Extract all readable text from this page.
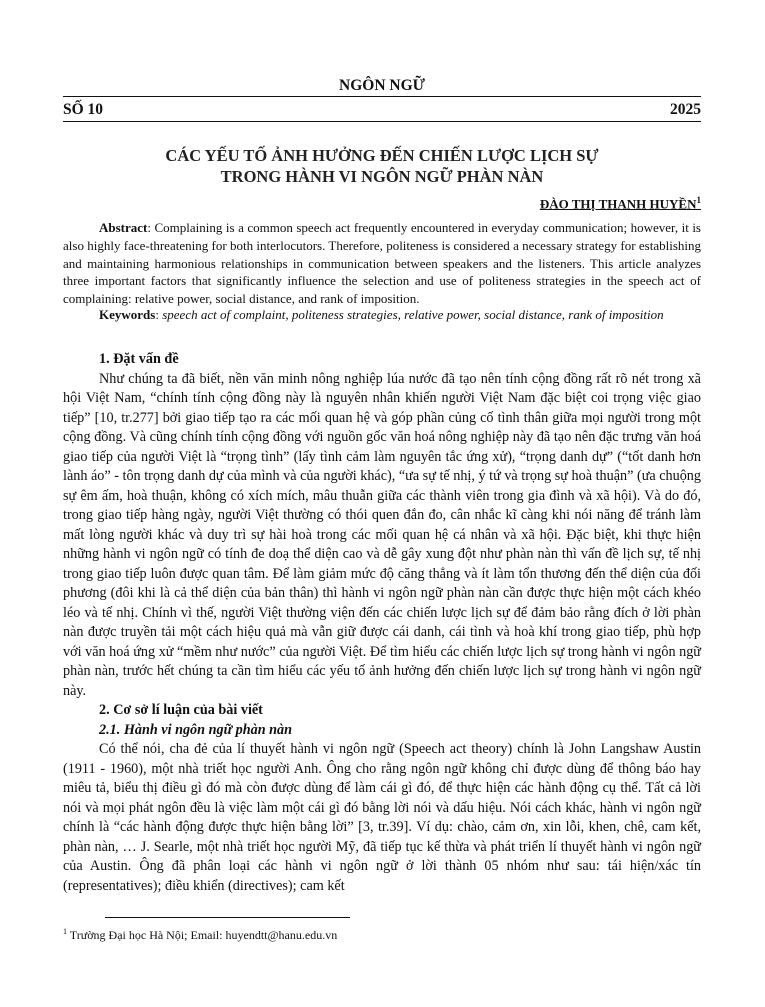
NGÔN NGỮ
SỐ 10	2025
CÁC YẾU TỐ ẢNH HƯỞNG ĐẾN CHIẾN LƯỢC LỊCH SỰ
TRONG HÀNH VI NGÔN NGỮ PHÀN NÀN
ĐÀO THỊ THANH HUYỀN$^1$
Abstract: Complaining is a common speech act frequently encountered in everyday communication; however, it is also highly face-threatening for both interlocutors. Therefore, politeness is considered a necessary strategy for establishing and maintaining harmonious relationships in communication between speakers and the listeners. This article analyzes three important factors that significantly influence the selection and use of politeness strategies in the speech act of complaining: relative power, social distance, and rank of imposition.
Keywords: speech act of complaint, politeness strategies, relative power, social distance, rank of imposition

1. Đặt vấn đề

Như chúng ta đã biết, nền văn minh nông nghiệp lúa nước đã tạo nên tính cộng đồng rất rõ nét trong xã hội Việt Nam, “chính tính cộng đồng này là nguyên nhân khiến người Việt Nam đặc biệt coi trọng việc giao tiếp” [10, tr.277] bởi giao tiếp tạo ra các mối quan hệ và góp phần củng cố tình thân giữa mọi người trong một cộng đồng. Và cũng chính tính cộng đồng với nguồn gốc văn hoá nông nghiệp này đã tạo nên đặc trưng văn hoá giao tiếp của người Việt là “trọng tình” (lấy tình cảm làm nguyên tắc ứng xử), “trọng danh dự” (“tốt danh hơn lành áo” - tôn trọng danh dự của mình và của người khác), “ưa sự tế nhị, ý tứ và trọng sự hoà thuận” (ưa chuộng sự êm ấm, hoà thuận, không có xích mích, mâu thuẫn giữa các thành viên trong gia đình và xã hội). Và do đó, trong giao tiếp hàng ngày, người Việt thường có thói quen đắn đo, cân nhắc kĩ càng khi nói năng để tránh làm mất lòng người khác và duy trì sự hài hoà trong các mối quan hệ cá nhân và xã hội. Đặc biệt, khi thực hiện những hành vi ngôn ngữ có tính đe doạ thể diện cao và dễ gây xung đột như phàn nàn thì vấn đề lịch sự, tế nhị trong giao tiếp luôn được quan tâm. Để làm giảm mức độ căng thẳng và ít làm tổn thương đến thể diện của đối phương (đôi khi là cả thể diện của bản thân) thì hành vi ngôn ngữ phàn nàn cần được thực hiện một cách khéo léo và tế nhị. Chính vì thế, người Việt thường viện đến các chiến lược lịch sự để đảm bảo rằng đích ở lời phàn nàn được truyền tải một cách hiệu quả mà vẫn giữ được cái danh, cái tình và hoà khí trong giao tiếp, phù hợp với văn hoá ứng xử “mềm như nước” của người Việt. Để tìm hiểu các chiến lược lịch sự trong hành vi ngôn ngữ phàn nàn, trước hết chúng ta cần tìm hiểu các yếu tố ảnh hưởng đến chiến lược lịch sự trong hành vi ngôn ngữ này.

2. Cơ sở lí luận của bài viết

2.1. Hành vi ngôn ngữ phàn nàn

Có thể nói, cha đẻ của lí thuyết hành vi ngôn ngữ (Speech act theory) chính là John Langshaw Austin (1911 - 1960), một nhà triết học người Anh. Ông cho rằng ngôn ngữ không chỉ được dùng để thông báo hay miêu tả, biểu thị điều gì đó mà còn được dùng để làm cái gì đó, để thực hiện các hành động cụ thể. Tất cả lời nói và mọi phát ngôn đều là việc làm một cái gì đó bằng lời nói và dấu hiệu. Nói cách khác, hành vi ngôn ngữ chính là “các hành động được thực hiện bằng lời” [3, tr.39]. Ví dụ: chào, cảm ơn, xin lỗi, khen, chê, cam kết, phàn nàn, … J. Searle, một nhà triết học người Mỹ, đã tiếp tục kế thừa và phát triển lí thuyết hành vi ngôn ngữ của Austin. Ông đã phân loại các hành vi ngôn ngữ ở lời thành 05 nhóm như sau: tái hiện/xác tín (representatives); điều khiển (directives); cam kết

$^1$ Trường Đại học Hà Nội; Email: huyendtt@hanu.edu.vn
